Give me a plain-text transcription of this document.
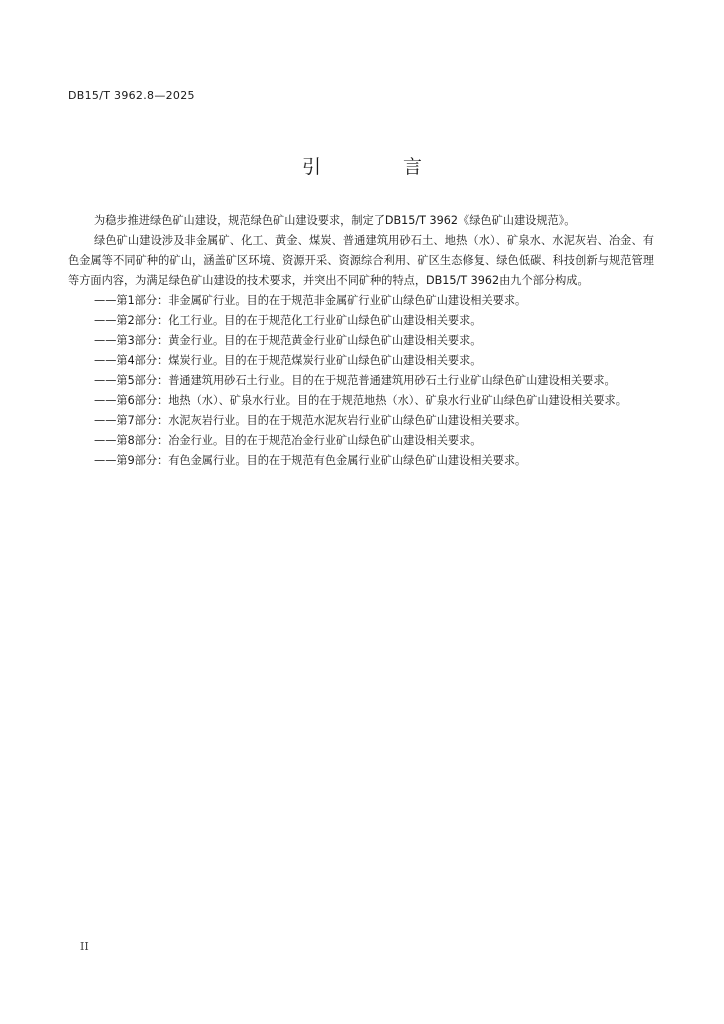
DB15/T 3962.8—2025
引 言

为稳步推进绿色矿山建设，规范绿色矿山建设要求，制定了DB15/T 3962《绿色矿山建设规范》。

绿色矿山建设涉及非金属矿、化工、黄金、煤炭、普通建筑用砂石土、地热（水）、矿泉水、水泥灰岩、冶金、有色金属等不同矿种的矿山，涵盖矿区环境、资源开采、资源综合利用、矿区生态修复、绿色低碳、科技创新与规范管理等方面内容，为满足绿色矿山建设的技术要求，并突出不同矿种的特点，DB15/T 3962由九个部分构成。

——第1部分：非金属矿行业。目的在于规范非金属矿行业矿山绿色矿山建设相关要求。
——第2部分：化工行业。目的在于规范化工行业矿山绿色矿山建设相关要求。
——第3部分：黄金行业。目的在于规范黄金行业矿山绿色矿山建设相关要求。
——第4部分：煤炭行业。目的在于规范煤炭行业矿山绿色矿山建设相关要求。
——第5部分：普通建筑用砂石土行业。目的在于规范普通建筑用砂石土行业矿山绿色矿山建设相关要求。
——第6部分：地热（水）、矿泉水行业。目的在于规范地热（水）、矿泉水行业矿山绿色矿山建设相关要求。
——第7部分：水泥灰岩行业。目的在于规范水泥灰岩行业矿山绿色矿山建设相关要求。
——第8部分：冶金行业。目的在于规范冶金行业矿山绿色矿山建设相关要求。
——第9部分：有色金属行业。目的在于规范有色金属行业矿山绿色矿山建设相关要求。
II
